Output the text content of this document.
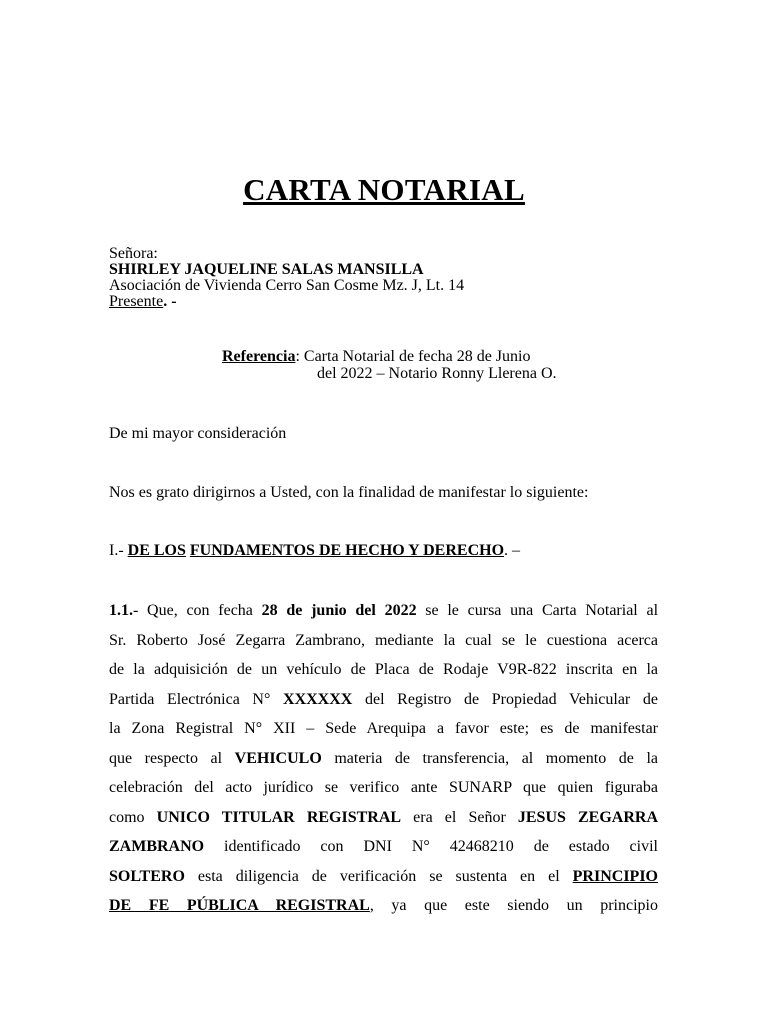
CARTA NOTARIAL
Señora:
SHIRLEY JAQUELINE SALAS MANSILLA
Asociación de Vivienda Cerro San Cosme Mz. J, Lt. 14
Presente. -
Referencia: Carta Notarial de fecha 28 de Junio
del 2022 – Notario Ronny Llerena O.
De mi mayor consideración
Nos es grato dirigirnos a Usted, con la finalidad de manifestar lo siguiente:
I.- DE LOS FUNDAMENTOS DE HECHO Y DERECHO. –
1.1.- Que, con fecha 28 de junio del 2022 se le cursa una Carta Notarial al
Sr. Roberto José Zegarra Zambrano, mediante la cual se le cuestiona acerca
de la adquisición de un vehículo de Placa de Rodaje V9R-822 inscrita en la
Partida Electrónica N° XXXXXX del Registro de Propiedad Vehicular de
la Zona Registral N° XII – Sede Arequipa a favor este; es de manifestar
que respecto al VEHICULO materia de transferencia, al momento de la
celebración del acto jurídico se verifico ante SUNARP que quien figuraba
como UNICO TITULAR REGISTRAL era el Señor JESUS ZEGARRA
ZAMBRANO identificado con DNI N° 42468210 de estado civil
SOLTERO esta diligencia de verificación se sustenta en el PRINCIPIO
DE FE PÚBLICA REGISTRAL, ya que este siendo un principio
